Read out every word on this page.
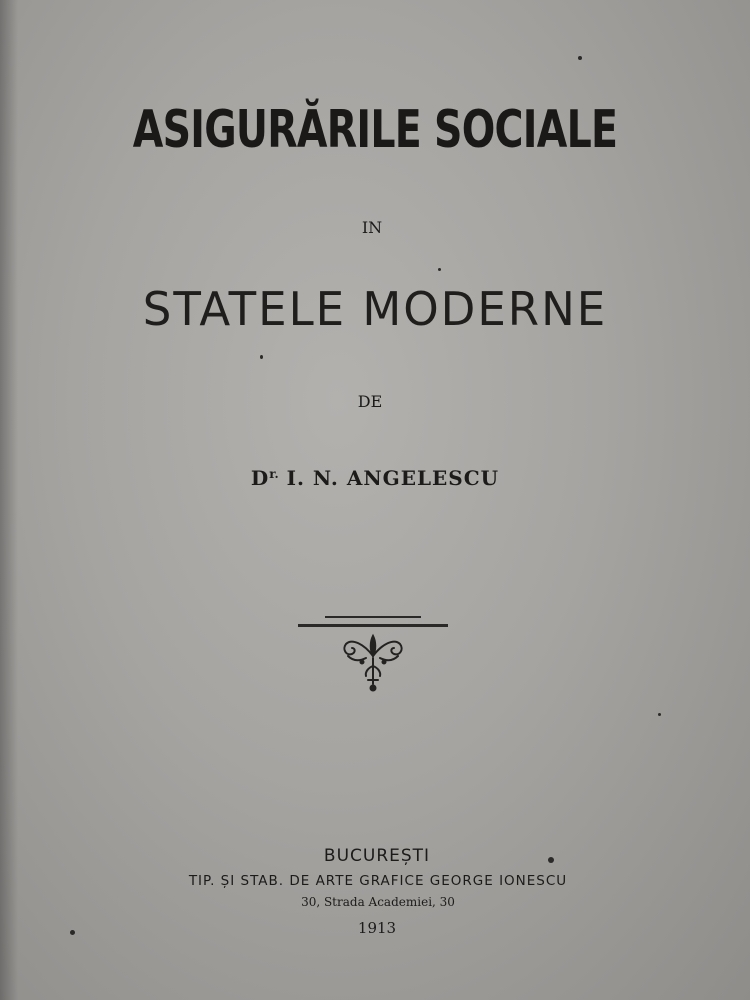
ASIGURĂRILE SOCIALE
IN
STATELE MODERNE
DE
$D^{r.}$ I. N. ANGELESCU
BUCUREȘTI
TIP. ȘI STAB. DE ARTE GRAFICE GEORGE IONESCU
30, Strada Academiei, 30
1913
